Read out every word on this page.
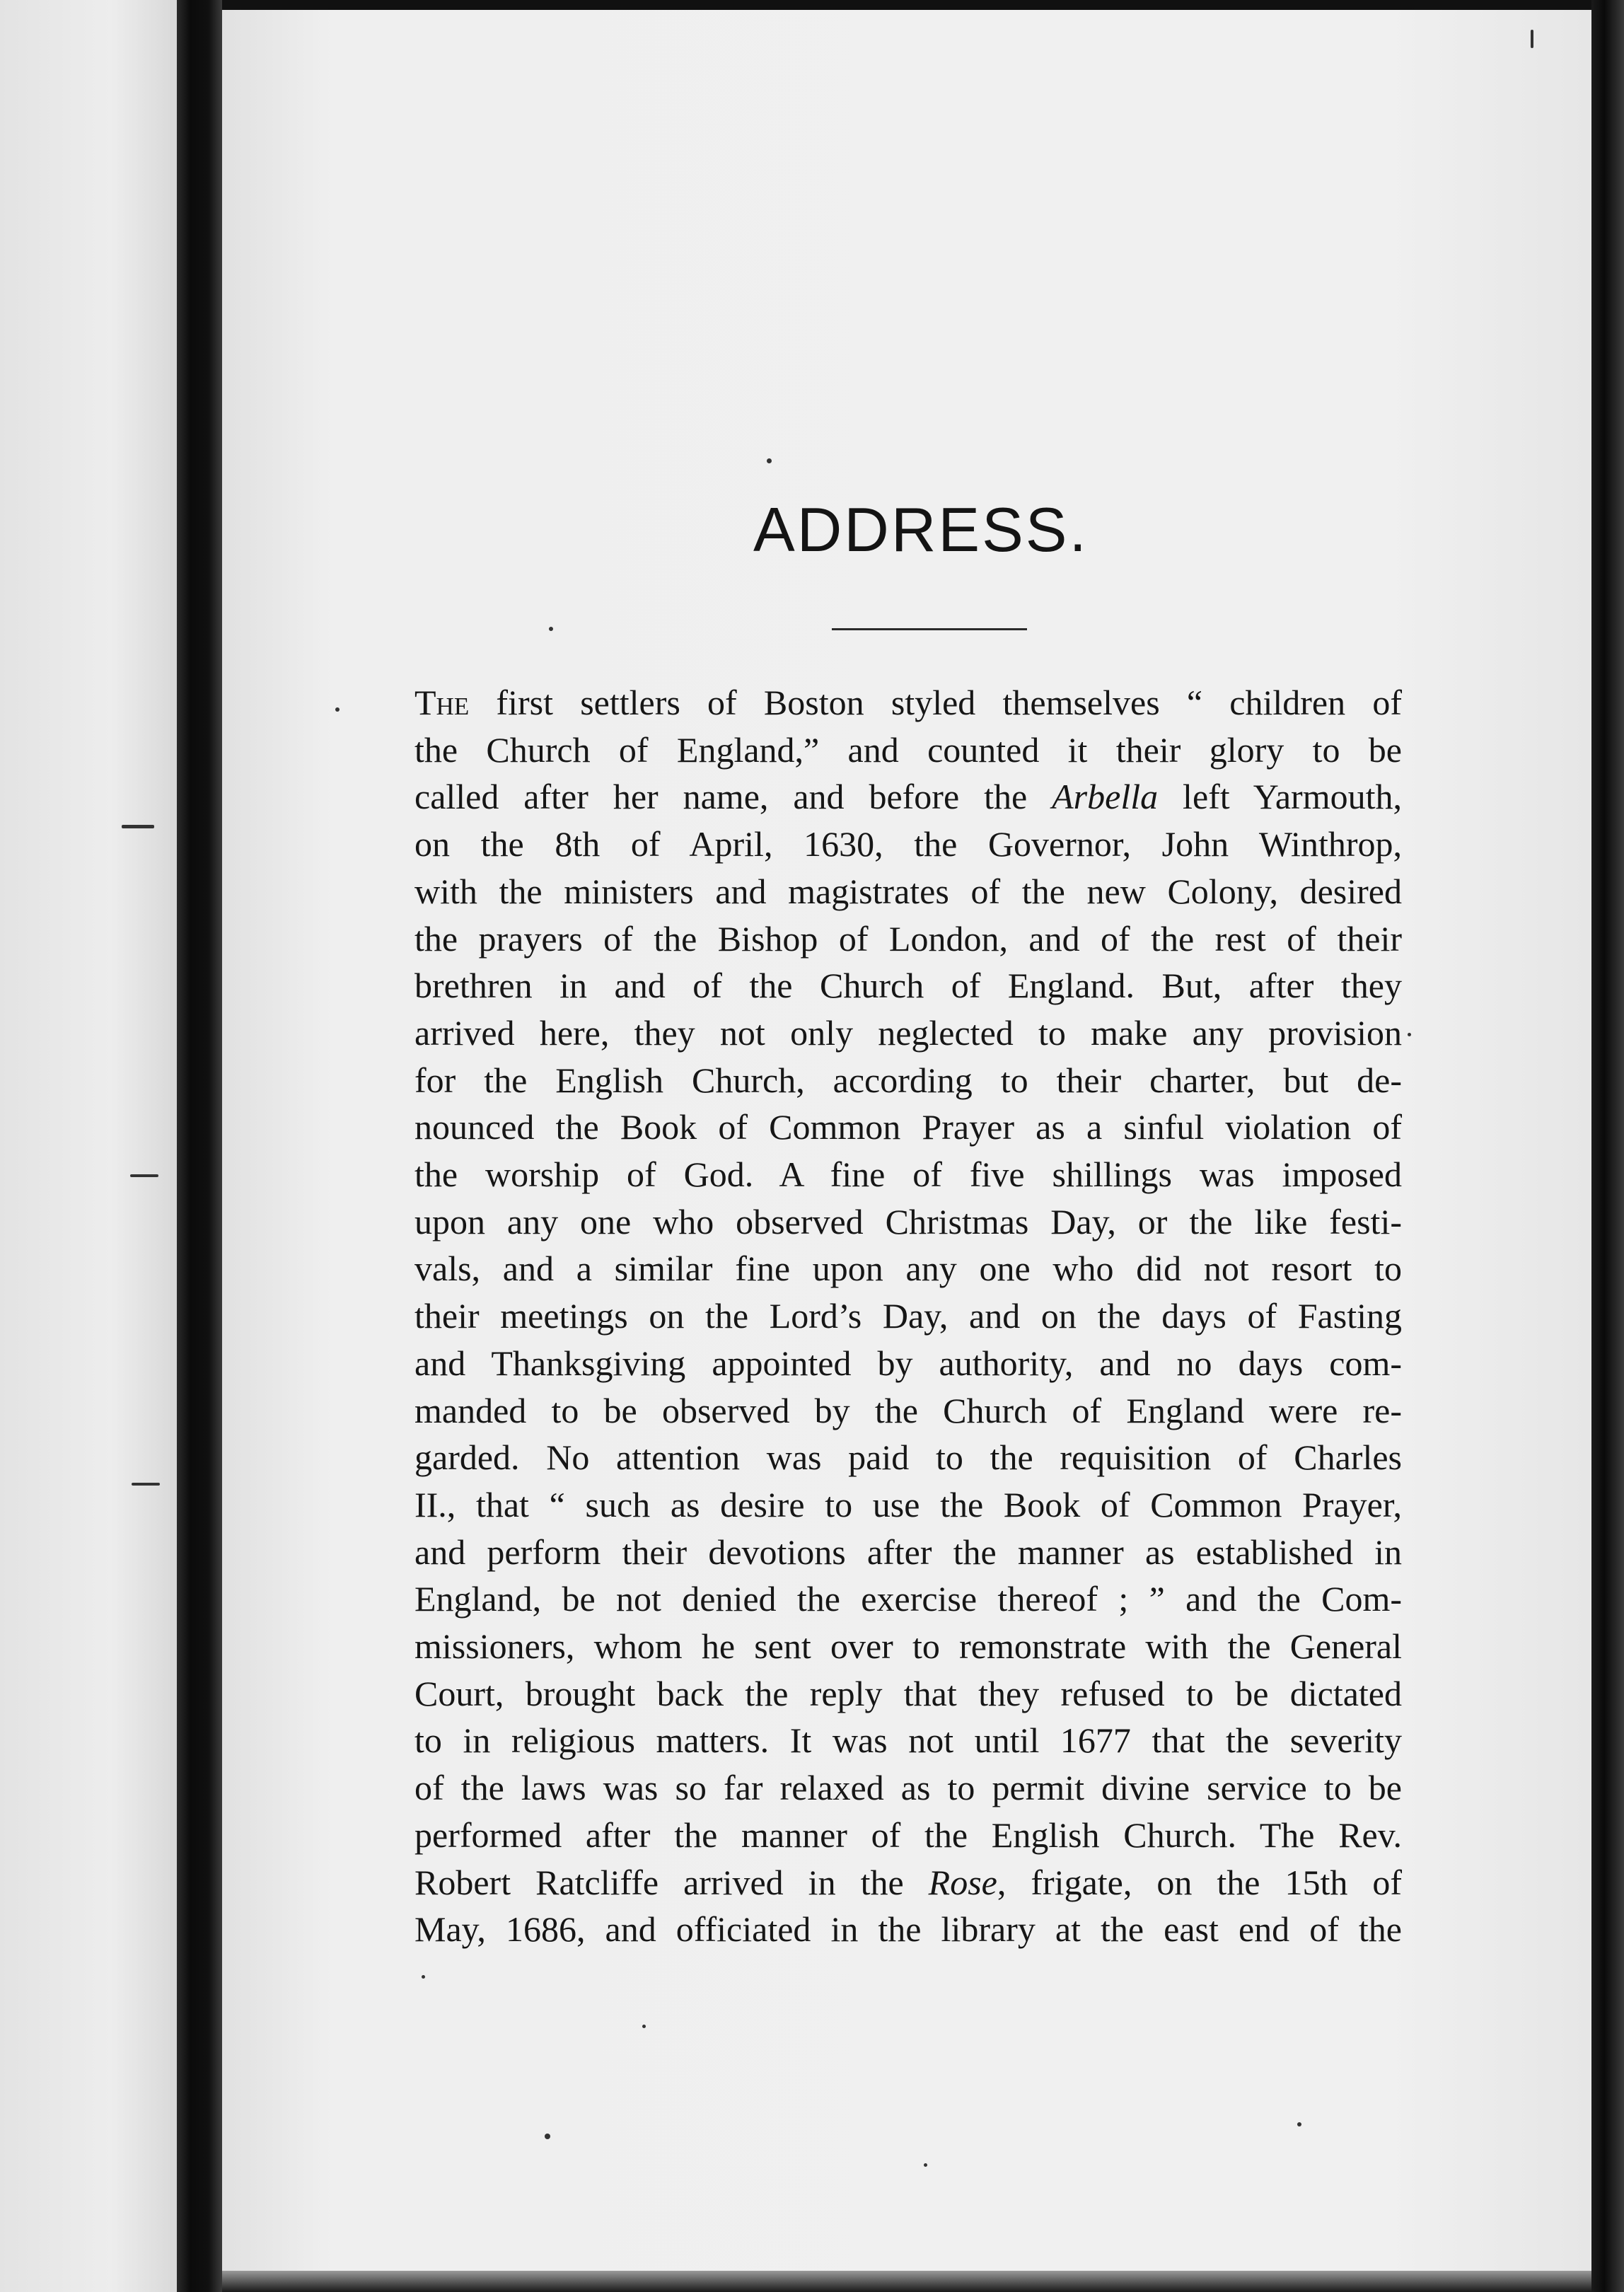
ADDRESS.

The first settlers of Boston styled themselves “ children of
the Church of England,” and counted it their glory to be
called after her name, and before the Arbella left Yarmouth,
on the 8th of April, 1630, the Governor, John Winthrop,
with the ministers and magistrates of the new Colony, desired
the prayers of the Bishop of London, and of the rest of their
brethren in and of the Church of England. But, after they
arrived here, they not only neglected to make any provision
for the English Church, according to their charter, but de-
nounced the Book of Common Prayer as a sinful violation of
the worship of God. A fine of five shillings was imposed
upon any one who observed Christmas Day, or the like festi-
vals, and a similar fine upon any one who did not resort to
their meetings on the Lord’s Day, and on the days of Fasting
and Thanksgiving appointed by authority, and no days com-
manded to be observed by the Church of England were re-
garded. No attention was paid to the requisition of Charles
II., that “ such as desire to use the Book of Common Prayer,
and perform their devotions after the manner as established in
England, be not denied the exercise thereof ; ” and the Com-
missioners, whom he sent over to remonstrate with the General
Court, brought back the reply that they refused to be dictated
to in religious matters. It was not until 1677 that the severity
of the laws was so far relaxed as to permit divine service to be
performed after the manner of the English Church. The Rev.
Robert Ratcliffe arrived in the Rose, frigate, on the 15th of
May, 1686, and officiated in the library at the east end of the
